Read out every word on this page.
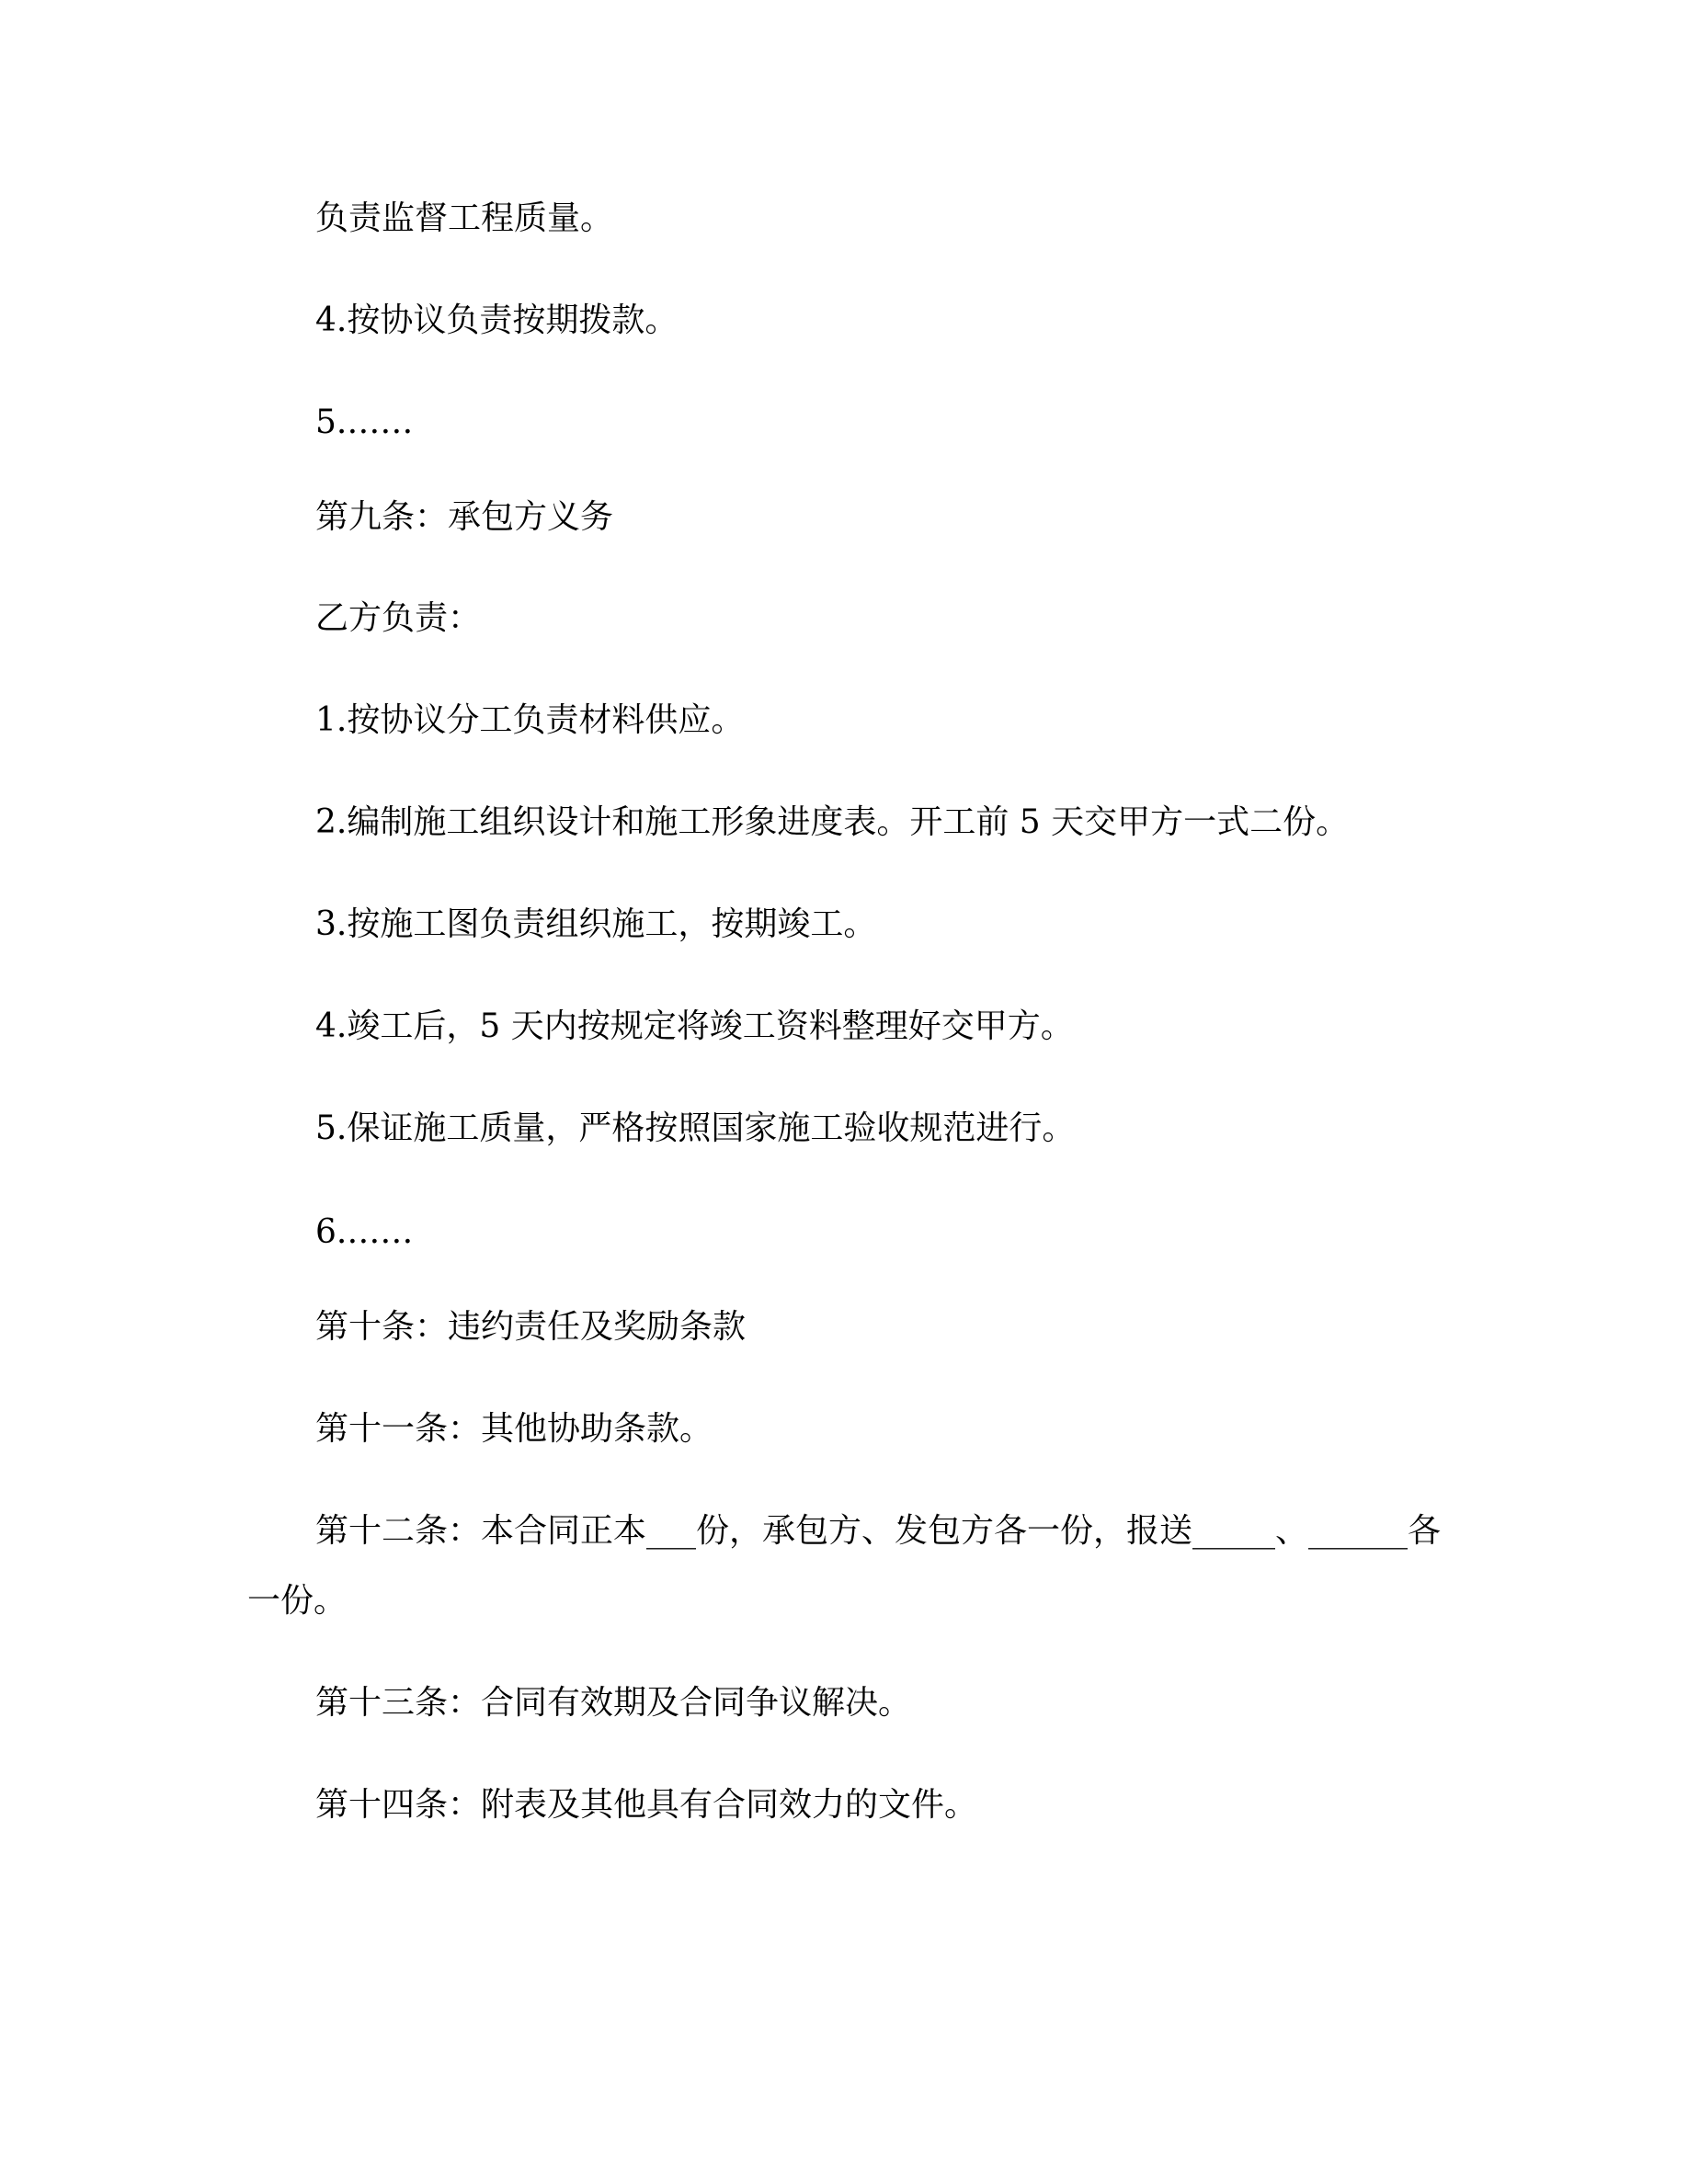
负责监督工程质量。

4.按协议负责按期拨款。

5.……

第九条：承包方义务

乙方负责：

1.按协议分工负责材料供应。

2.编制施工组织设计和施工形象进度表。开工前 5 天交甲方一式二份。

3.按施工图负责组织施工，按期竣工。

4.竣工后，5 天内按规定将竣工资料整理好交甲方。

5.保证施工质量，严格按照国家施工验收规范进行。

6.……

第十条：违约责任及奖励条款

第十一条：其他协助条款。

第十二条：本合同正本___份，承包方、发包方各一份，报送_____、______各

一份。

第十三条：合同有效期及合同争议解决。

第十四条：附表及其他具有合同效力的文件。
